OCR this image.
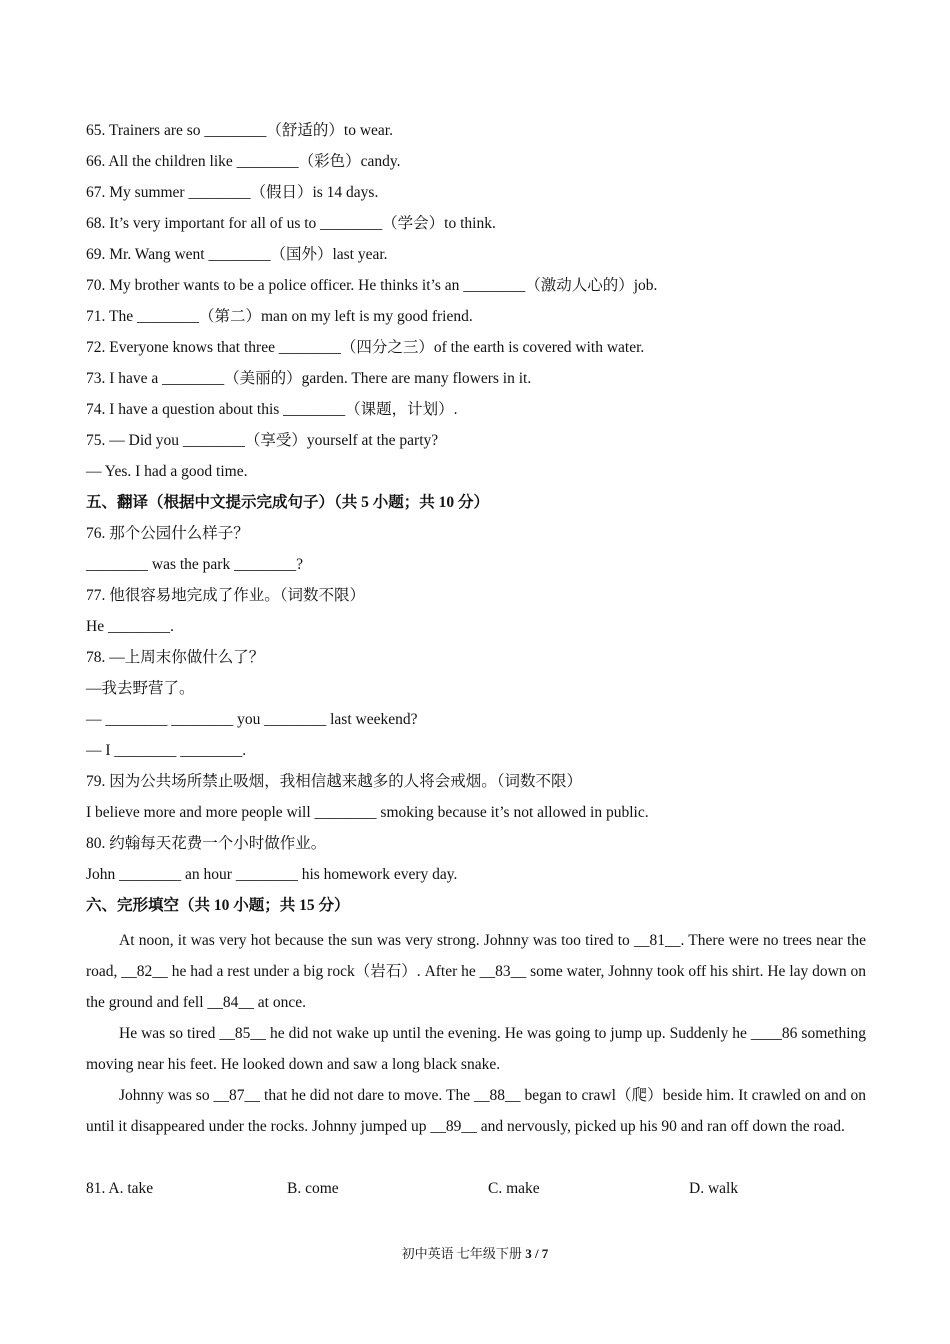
65. Trainers are so ________（舒适的）to wear.
66. All the children like ________（彩色）candy.
67. My summer ________（假日）is 14 days.
68. It’s very important for all of us to ________（学会）to think.
69. Mr. Wang went ________（国外）last year.
70. My brother wants to be a police officer. He thinks it’s an ________（激动人心的）job.
71. The ________（第二）man on my left is my good friend.
72. Everyone knows that three ________（四分之三）of the earth is covered with water.
73. I have a ________（美丽的）garden. There are many flowers in it.
74. I have a question about this ________（课题，计划）.
75. — Did you ________（享受）yourself at the party?
— Yes. I had a good time.
五、翻译（根据中文提示完成句子）（共 5 小题；共 10 分）
76. 那个公园什么样子？
________ was the park ________?
77. 他很容易地完成了作业。（词数不限）
He ________.
78. —上周末你做什么了？
—我去野营了。
— ________ ________ you ________ last weekend?
— I ________ ________.
79. 因为公共场所禁止吸烟，我相信越来越多的人将会戒烟。（词数不限）
I believe more and more people will ________ smoking because it’s not allowed in public.
80. 约翰每天花费一个小时做作业。
John ________ an hour ________ his homework every day.
六、完形填空（共 10 小题；共 15 分）
At noon, it was very hot because the sun was very strong. Johnny was too tired to __81__. There were no trees near the road, __82__ he had a rest under a big rock（岩石）. After he __83__ some water, Johnny took off his shirt. He lay down on the ground and fell __84__ at once.
He was so tired __85__ he did not wake up until the evening. He was going to jump up. Suddenly he ____86 something moving near his feet. He looked down and saw a long black snake.
Johnny was so __87__ that he did not dare to move. The __88__ began to crawl（爬）beside him. It crawled on and on until it disappeared under the rocks. Johnny jumped up __89__ and nervously, picked up his 90 and ran off down the road.
81. A. take	B. come	C. make	D. walk
初中英语 七年级下册 3 / 7
